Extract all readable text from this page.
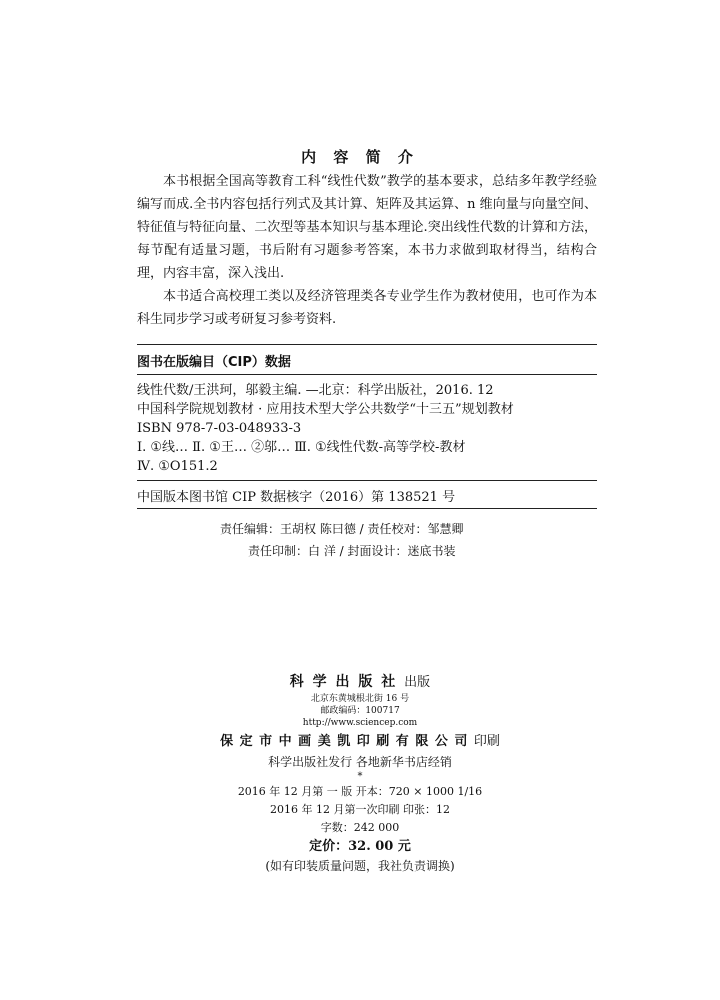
内 容 简 介

本书根据全国高等教育工科“线性代数”教学的基本要求，总结多年教学经验编写而成.全书内容包括行列式及其计算、矩阵及其运算、n 维向量与向量空间、特征值与特征向量、二次型等基本知识与基本理论.突出线性代数的计算和方法，每节配有适量习题，书后附有习题参考答案，本书力求做到取材得当，结构合理，内容丰富，深入浅出.

本书适合高校理工类以及经济管理类各专业学生作为教材使用，也可作为本科生同步学习或考研复习参考资料.

图书在版编目（CIP）数据
线性代数/王洪珂，邬毅主编. —北京：科学出版社，2016. 12
中国科学院规划教材 · 应用技术型大学公共数学“十三五”规划教材
ISBN 978-7-03-048933-3
Ⅰ. ①线… Ⅱ. ①王… ②邬… Ⅲ. ①线性代数-高等学校-教材
Ⅳ. ①O151.2
中国版本图书馆 CIP 数据核字（2016）第 138521 号
责任编辑：王胡权 陈曰德 / 责任校对：邹慧卿
责任印制：白 洋 / 封面设计：迷底书装
科 学 出 版 社 出版
北京东黄城根北街 16 号
邮政编码：100717
http://www.sciencep.com
保 定 市 中 画 美 凯 印 刷 有 限 公 司 印刷
科学出版社发行 各地新华书店经销
*
2016 年 12 月第 一 版 开本：720 × 1000 1/16
2016 年 12 月第一次印刷 印张：12
字数：242 000
定价：32. 00 元
(如有印装质量问题，我社负责调换)
